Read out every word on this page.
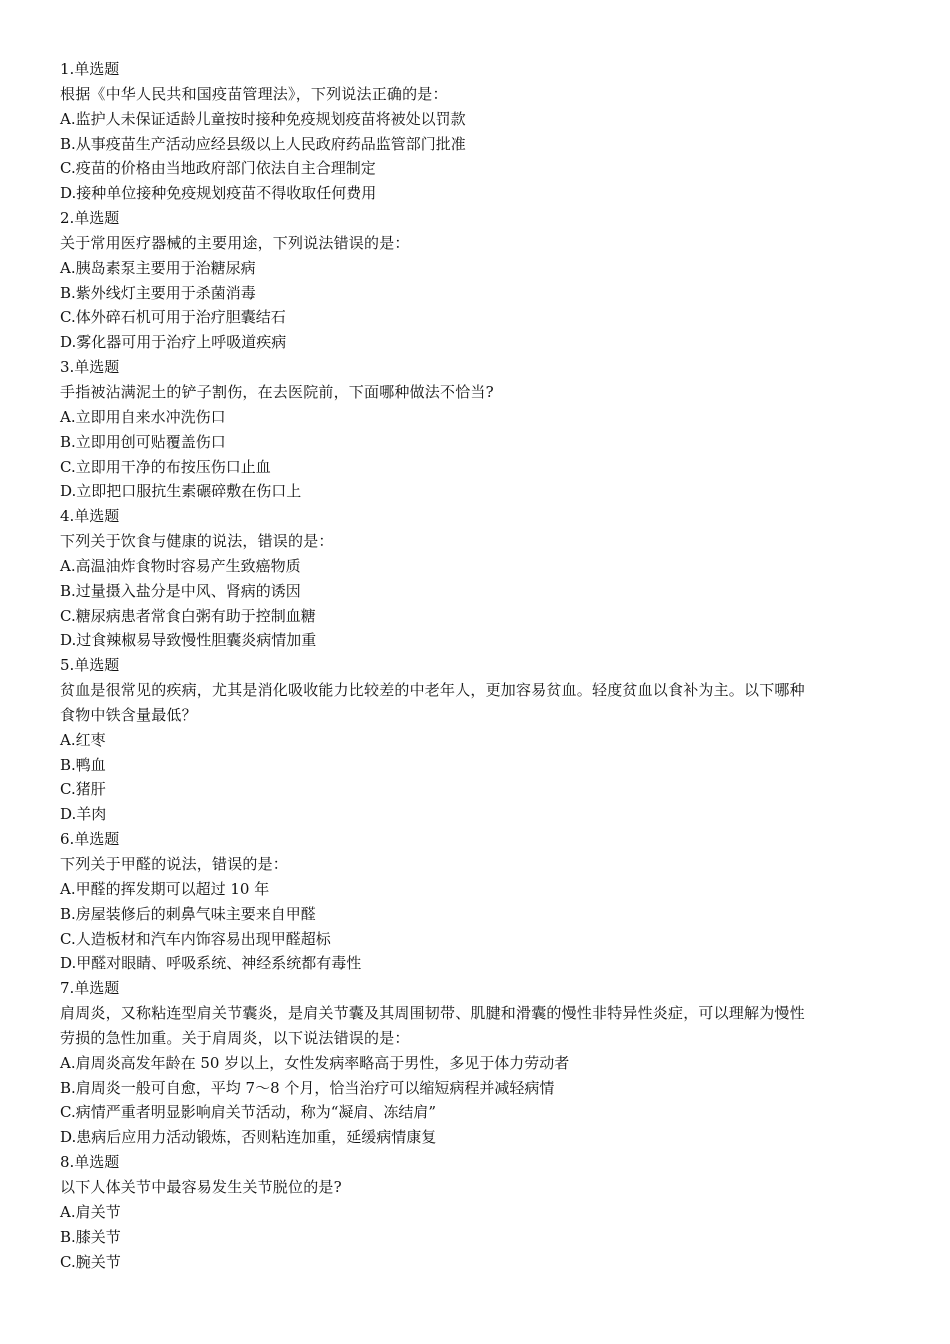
1.单选题

根据《中华人民共和国疫苗管理法》，下列说法正确的是：

A.监护人未保证适龄儿童按时接种免疫规划疫苗将被处以罚款

B.从事疫苗生产活动应经县级以上人民政府药品监管部门批准

C.疫苗的价格由当地政府部门依法自主合理制定

D.接种单位接种免疫规划疫苗不得收取任何费用

2.单选题

关于常用医疗器械的主要用途，下列说法错误的是：

A.胰岛素泵主要用于治糖尿病

B.紫外线灯主要用于杀菌消毒

C.体外碎石机可用于治疗胆囊结石

D.雾化器可用于治疗上呼吸道疾病

3.单选题

手指被沾满泥土的铲子割伤，在去医院前，下面哪种做法不恰当?

A.立即用自来水冲洗伤口

B.立即用创可贴覆盖伤口

C.立即用干净的布按压伤口止血

D.立即把口服抗生素碾碎敷在伤口上

4.单选题

下列关于饮食与健康的说法，错误的是：

A.高温油炸食物时容易产生致癌物质

B.过量摄入盐分是中风、肾病的诱因

C.糖尿病患者常食白粥有助于控制血糖

D.过食辣椒易导致慢性胆囊炎病情加重

5.单选题

贫血是很常见的疾病，尤其是消化吸收能力比较差的中老年人，更加容易贫血。轻度贫血以食补为主。以下哪种

食物中铁含量最低？

A.红枣

B.鸭血

C.猪肝

D.羊肉

6.单选题

下列关于甲醛的说法，错误的是：

A.甲醛的挥发期可以超过 10 年

B.房屋装修后的刺鼻气味主要来自甲醛

C.人造板材和汽车内饰容易出现甲醛超标

D.甲醛对眼睛、呼吸系统、神经系统都有毒性

7.单选题

肩周炎，又称粘连型肩关节囊炎，是肩关节囊及其周围韧带、肌腱和滑囊的慢性非特异性炎症，可以理解为慢性

劳损的急性加重。关于肩周炎，以下说法错误的是：

A.肩周炎高发年龄在 50 岁以上，女性发病率略高于男性，多见于体力劳动者

B.肩周炎一般可自愈，平均 7～8 个月，恰当治疗可以缩短病程并减轻病情

C.病情严重者明显影响肩关节活动，称为“凝肩、冻结肩”

D.患病后应用力活动锻炼，否则粘连加重，延缓病情康复

8.单选题

以下人体关节中最容易发生关节脱位的是?

A.肩关节

B.膝关节

C.腕关节
